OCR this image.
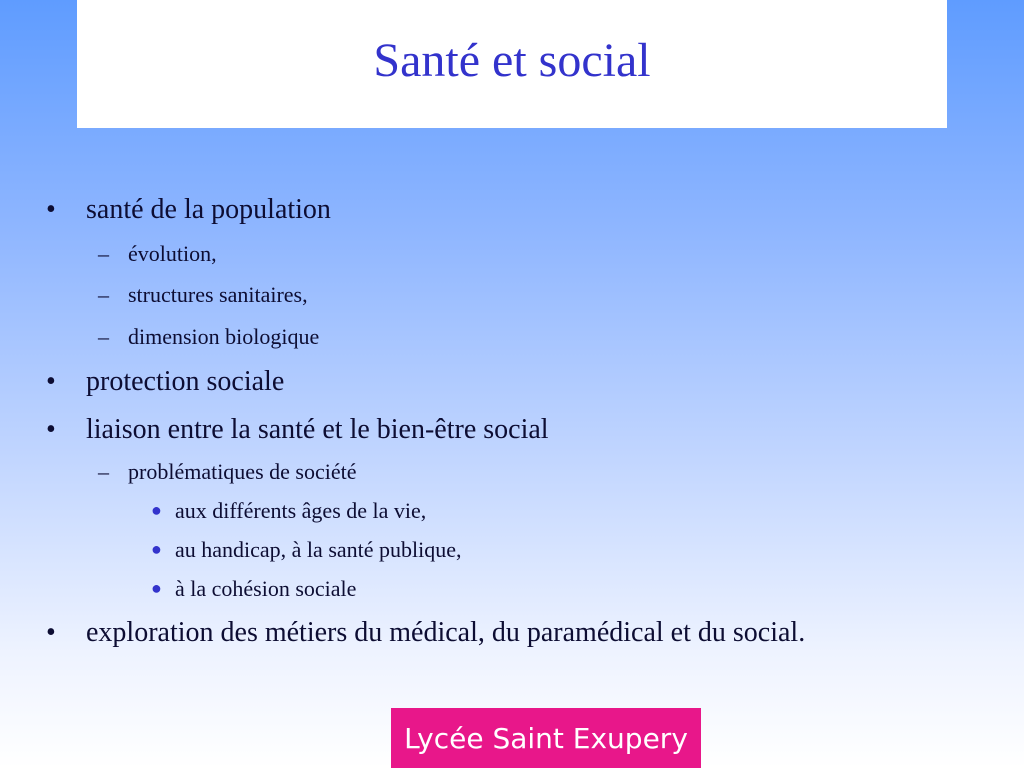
Santé et social
• santé de la population
– évolution,
– structures sanitaires,
– dimension biologique
• protection sociale
• liaison entre la santé et le bien-être social
– problématiques de société
● aux différents âges de la vie,
● au handicap, à la santé publique,
● à la cohésion sociale
• exploration des métiers du médical, du paramédical et du social.
Lycée Saint Exupery
